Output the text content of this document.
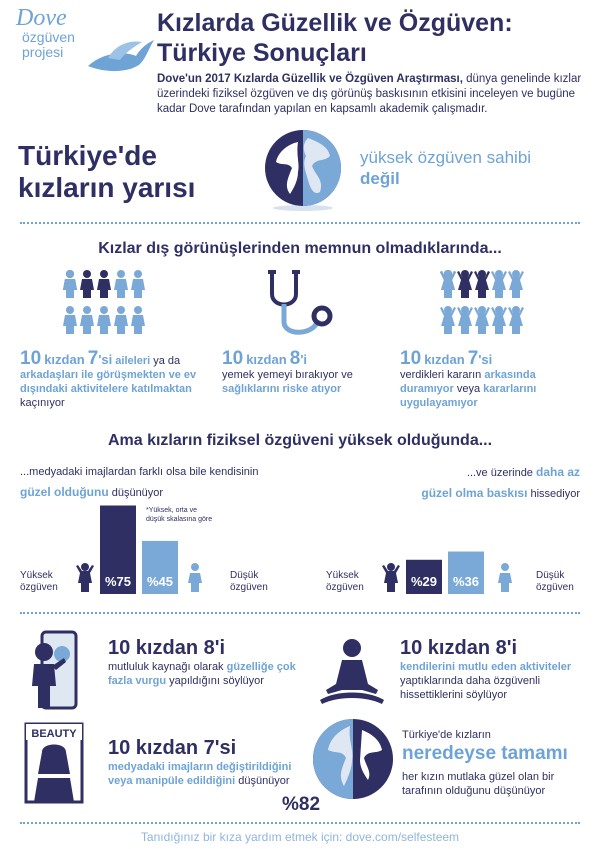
Dove
özgüven
projesi
Kızlarda Güzellik ve Özgüven:
Türkiye Sonuçları
Dove'un 2017 Kızlarda Güzellik ve Özgüven Araştırması, dünya genelinde kızlar üzerindeki fiziksel özgüven ve dış görünüş baskısının etkisini inceleyen ve bugüne kadar Dove tarafından yapılan en kapsamlı akademik çalışmadır.
Türkiye'de
kızların yarısı
yüksek özgüven sahibi
değil
Kızlar dış görünüşlerinden memnun olmadıklarında...
10 kızdan 7'si aileleri ya da
arkadaşları ile görüşmekten ve ev dışındaki aktivitelere katılmaktan kaçınıyor
10 kızdan 8'i
yemek yemeyi bırakıyor ve sağlıklarını riske atıyor
10 kızdan 7'si
verdikleri kararın arkasında duramıyor veya kararlarını uygulayamıyor
Ama kızların fiziksel özgüveni yüksek olduğunda...
...medyadaki imajlardan farklı olsa bile kendisinin
güzel olduğunu düşünüyor
...ve üzerinde daha az
güzel olma baskısı hissediyor
*Yüksek, orta ve düşük skalasına göre
Yüksek
özgüven	%75 %45	Düşük
özgüven
Yüksek
özgüven	%29 %36	Düşük
özgüven
10 kızdan 8'i
mutluluk kaynağı olarak güzelliğe çok fazla vurgu yapıldığını söylüyor
10 kızdan 8'i
kendilerini mutlu eden aktiviteler yaptıklarında daha özgüvenli hissettiklerini söylüyor
BEAUTY
10 kızdan 7'si
medyadaki imajların değiştirildiğini veya manipüle edildiğini düşünüyor
%82
Türkiye'de kızların
neredeyse tamamı
her kızın mutlaka güzel olan bir tarafının olduğunu düşünüyor
Tanıdığınız bir kıza yardım etmek için: dove.com/selfesteem
